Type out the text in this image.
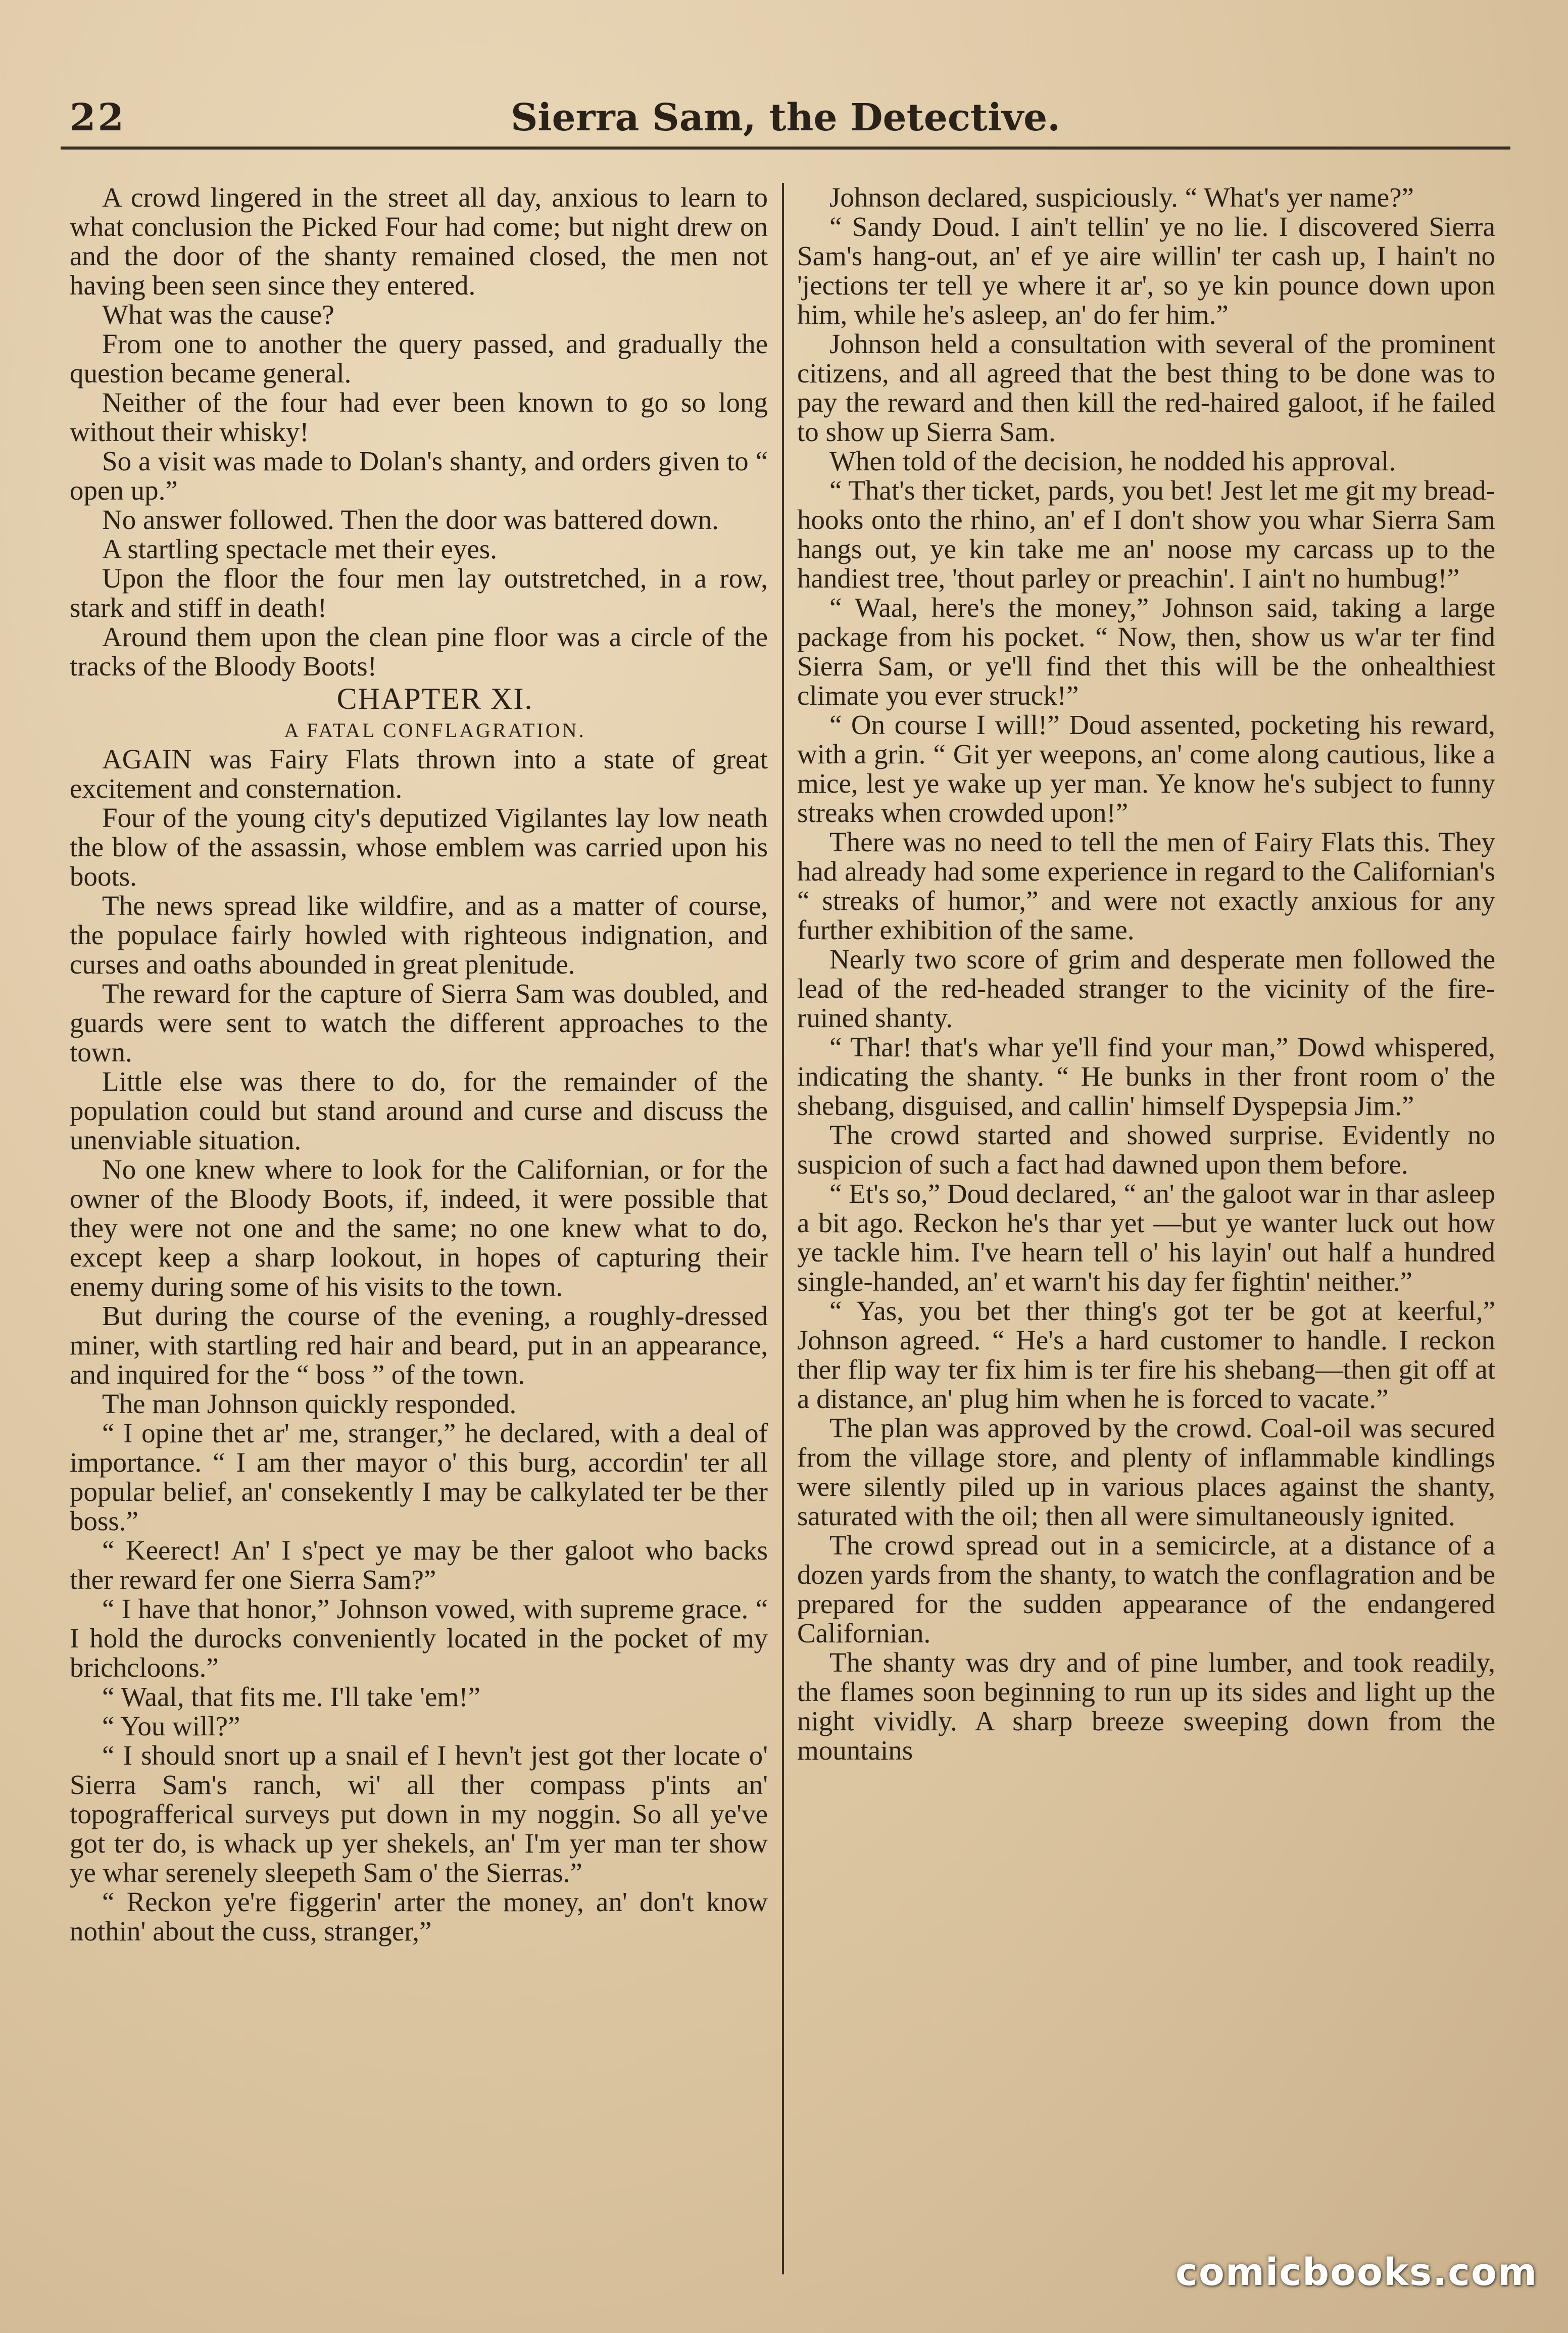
22	Sierra Sam, the Detective.

A crowd lingered in the street all day, anxious to learn to what conclusion the Picked Four had come; but night drew on and the door of the shanty remained closed, the men not having been seen since they entered.

What was the cause?

From one to another the query passed, and gradually the question became general.

Neither of the four had ever been known to go so long without their whisky!

So a visit was made to Dolan's shanty, and orders given to “ open up.”

No answer followed. Then the door was battered down.

A startling spectacle met their eyes.

Upon the floor the four men lay outstretched, in a row, stark and stiff in death!

Around them upon the clean pine floor was a circle of the tracks of the Bloody Boots!

CHAPTER XI.

A FATAL CONFLAGRATION.

AGAIN was Fairy Flats thrown into a state of great excitement and consternation.

Four of the young city's deputized Vigilantes lay low neath the blow of the assassin, whose emblem was carried upon his boots.

The news spread like wildfire, and as a matter of course, the populace fairly howled with righteous indignation, and curses and oaths abounded in great plenitude.

The reward for the capture of Sierra Sam was doubled, and guards were sent to watch the different approaches to the town.

Little else was there to do, for the remainder of the population could but stand around and curse and discuss the unenviable situation.

No one knew where to look for the Californian, or for the owner of the Bloody Boots, if, indeed, it were possible that they were not one and the same; no one knew what to do, except keep a sharp lookout, in hopes of capturing their enemy during some of his visits to the town.

But during the course of the evening, a roughly-dressed miner, with startling red hair and beard, put in an appearance, and inquired for the “ boss ” of the town.

The man Johnson quickly responded.

“ I opine thet ar' me, stranger,” he declared, with a deal of importance. “ I am ther mayor o' this burg, accordin' ter all popular belief, an' consekently I may be calkylated ter be ther boss.”

“ Keerect! An' I s'pect ye may be ther galoot who backs ther reward fer one Sierra Sam?”

“ I have that honor,” Johnson vowed, with supreme grace. “ I hold the durocks conveniently located in the pocket of my brichcloons.”

“ Waal, that fits me. I'll take 'em!”

“ You will?”

“ I should snort up a snail ef I hevn't jest got ther locate o' Sierra Sam's ranch, wi' all ther compass p'ints an' topografferical surveys put down in my noggin. So all ye've got ter do, is whack up yer shekels, an' I'm yer man ter show ye whar serenely sleepeth Sam o' the Sierras.”

“ Reckon ye're figgerin' arter the money, an' don't know nothin' about the cuss, stranger,”

Johnson declared, suspiciously. “ What's yer name?”

“ Sandy Doud. I ain't tellin' ye no lie. I discovered Sierra Sam's hang-out, an' ef ye aire willin' ter cash up, I hain't no 'jections ter tell ye where it ar', so ye kin pounce down upon him, while he's asleep, an' do fer him.”

Johnson held a consultation with several of the prominent citizens, and all agreed that the best thing to be done was to pay the reward and then kill the red-haired galoot, if he failed to show up Sierra Sam.

When told of the decision, he nodded his approval.

“ That's ther ticket, pards, you bet! Jest let me git my bread-hooks onto the rhino, an' ef I don't show you whar Sierra Sam hangs out, ye kin take me an' noose my carcass up to the handiest tree, 'thout parley or preachin'. I ain't no humbug!”

“ Waal, here's the money,” Johnson said, taking a large package from his pocket. “ Now, then, show us w'ar ter find Sierra Sam, or ye'll find thet this will be the onhealthiest climate you ever struck!”

“ On course I will!” Doud assented, pocketing his reward, with a grin. “ Git yer weepons, an' come along cautious, like a mice, lest ye wake up yer man. Ye know he's subject to funny streaks when crowded upon!”

There was no need to tell the men of Fairy Flats this. They had already had some experience in regard to the Californian's “ streaks of humor,” and were not exactly anxious for any further exhibition of the same.

Nearly two score of grim and desperate men followed the lead of the red-headed stranger to the vicinity of the fire-ruined shanty.

“ Thar! that's whar ye'll find your man,” Dowd whispered, indicating the shanty. “ He bunks in ther front room o' the shebang, disguised, and callin' himself Dyspepsia Jim.”

The crowd started and showed surprise. Evidently no suspicion of such a fact had dawned upon them before.

“ Et's so,” Doud declared, “ an' the galoot war in thar asleep a bit ago. Reckon he's thar yet —but ye wanter luck out how ye tackle him. I've hearn tell o' his layin' out half a hundred single-handed, an' et warn't his day fer fightin' neither.”

“ Yas, you bet ther thing's got ter be got at keerful,” Johnson agreed. “ He's a hard customer to handle. I reckon ther flip way ter fix him is ter fire his shebang—then git off at a distance, an' plug him when he is forced to vacate.”

The plan was approved by the crowd. Coal-oil was secured from the village store, and plenty of inflammable kindlings were silently piled up in various places against the shanty, saturated with the oil; then all were simultaneously ignited.

The crowd spread out in a semicircle, at a distance of a dozen yards from the shanty, to watch the conflagration and be prepared for the sudden appearance of the endangered Californian.

The shanty was dry and of pine lumber, and took readily, the flames soon beginning to run up its sides and light up the night vividly. A sharp breeze sweeping down from the mountains

comicbooks.com
